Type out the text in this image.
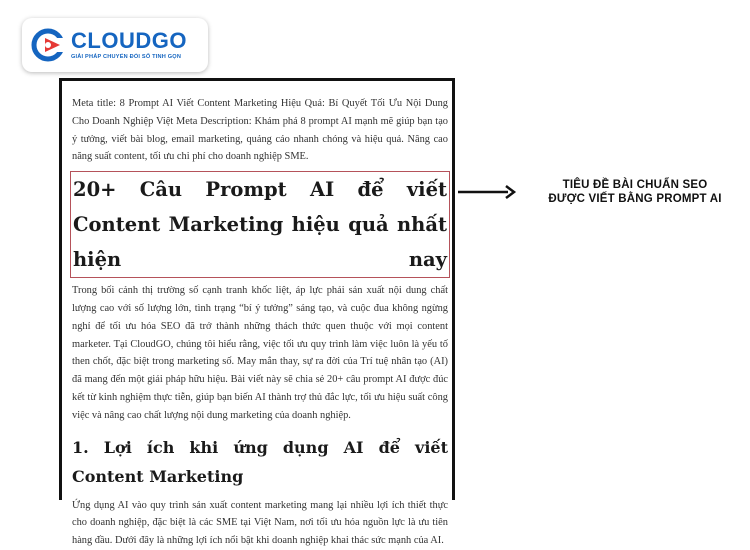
CLOUDGO
GIẢI PHÁP CHUYỂN ĐỔI SỐ TINH GỌN

Meta title: 8 Prompt AI Viết Content Marketing Hiệu Quả: Bí Quyết Tối Ưu Nội Dung Cho Doanh Nghiệp Việt Meta Description: Khám phá 8 prompt AI mạnh mẽ giúp bạn tạo ý tưởng, viết bài blog, email marketing, quảng cáo nhanh chóng và hiệu quả. Nâng cao năng suất content, tối ưu chi phí cho doanh nghiệp SME.

20+ Câu Prompt AI để viết Content Marketing hiệu quả nhất hiện nay

Trong bối cảnh thị trường số cạnh tranh khốc liệt, áp lực phải sản xuất nội dung chất lượng cao với số lượng lớn, tình trạng “bí ý tưởng” sáng tạo, và cuộc đua không ngừng nghỉ để tối ưu hóa SEO đã trở thành những thách thức quen thuộc với mọi content marketer. Tại CloudGO, chúng tôi hiểu rằng, việc tối ưu quy trình làm việc luôn là yếu tố then chốt, đặc biệt trong marketing số. May mắn thay, sự ra đời của Trí tuệ nhân tạo (AI) đã mang đến một giải pháp hữu hiệu. Bài viết này sẽ chia sẻ 20+ câu prompt AI được đúc kết từ kinh nghiệm thực tiễn, giúp bạn biến AI thành trợ thủ đắc lực, tối ưu hiệu suất công việc và nâng cao chất lượng nội dung marketing của doanh nghiệp.

1. Lợi ích khi ứng dụng AI để viết Content Marketing

Ứng dụng AI vào quy trình sản xuất content marketing mang lại nhiều lợi ích thiết thực cho doanh nghiệp, đặc biệt là các SME tại Việt Nam, nơi tối ưu hóa nguồn lực là ưu tiên hàng đầu. Dưới đây là những lợi ích nổi bật khi doanh nghiệp khai thác sức mạnh của AI.

TIÊU ĐỀ BÀI CHUẨN SEO
ĐƯỢC VIẾT BẰNG PROMPT AI
